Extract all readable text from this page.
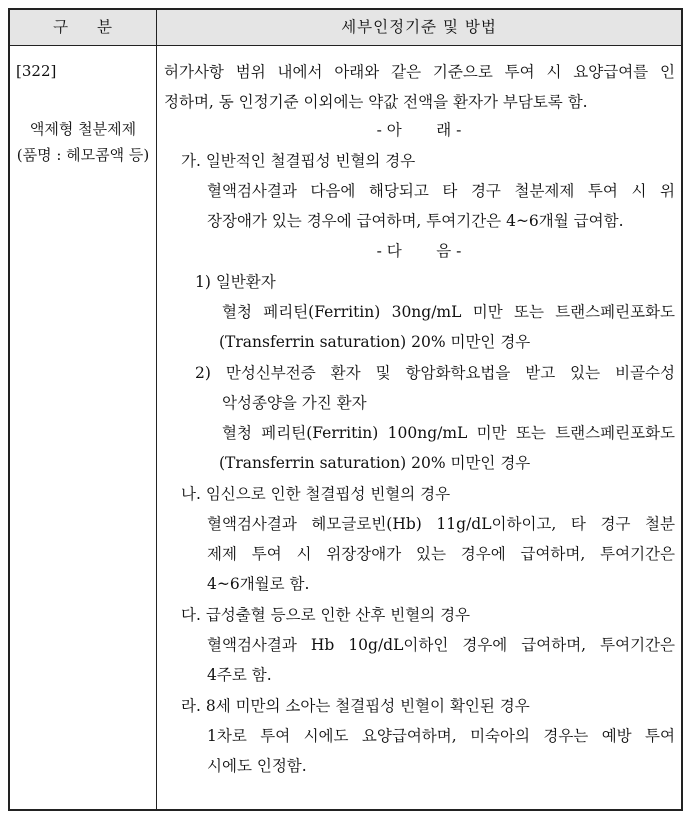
구 분	세부인정기준 및 방법
[322]
액제형 철분제제
(품명 : 헤모콤액 등)
허가사항 범위 내에서 아래와 같은 기준으로 투여 시 요양급여를 인
정하며, 동 인정기준 이외에는 약값 전액을 환자가 부담토록 함.
- 아       래 -
가. 일반적인 철결핍성 빈혈의 경우
혈액검사결과 다음에 해당되고 타 경구 철분제제 투여 시 위
장장애가 있는 경우에 급여하며, 투여기간은 4~6개월 급여함.
- 다       음 -
1) 일반환자
혈청 페리틴(Ferritin) 30ng/mL 미만 또는 트랜스페린포화도
(Transferrin saturation) 20% 미만인 경우
2) 만성신부전증 환자 및 항암화학요법을 받고 있는 비골수성
악성종양을 가진 환자
혈청 페리틴(Ferritin) 100ng/mL 미만 또는 트랜스페린포화도
(Transferrin saturation) 20% 미만인 경우
나. 임신으로 인한 철결핍성 빈혈의 경우
혈액검사결과 헤모글로빈(Hb) 11g/dL이하이고, 타 경구 철분
제제 투여 시 위장장애가 있는 경우에 급여하며, 투여기간은
4~6개월로 함.
다. 급성출혈 등으로 인한 산후 빈혈의 경우
혈액검사결과 Hb 10g/dL이하인 경우에 급여하며, 투여기간은
4주로 함.
라. 8세 미만의 소아는 철결핍성 빈혈이 확인된 경우
1차로 투여 시에도 요양급여하며, 미숙아의 경우는 예방 투여
시에도 인정함.
